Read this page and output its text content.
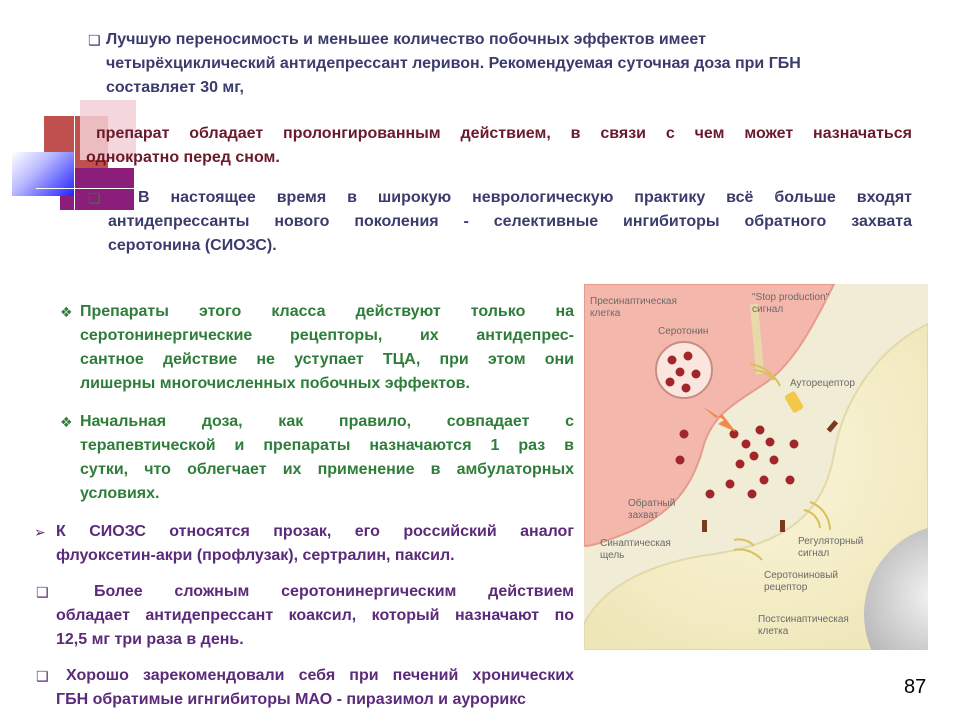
❑ Лучшую переносимость и меньшее количество побочных эффектов имеет
четырёхциклический антидепрессант леривон. Рекомендуемая суточная доза при ГБН
составляет 30 мг,
препарат обладает пролонгированным действием, в связи с чем может назначаться
однократно перед сном.
❑	В настоящее время в широкую неврологическую практику всё больше входят
антидепрессанты нового поколения - селективные ингибиторы обратного захвата
серотонина (СИОЗС).
❖ Препараты этого класса действуют только на
серотонинергические рецепторы, их антидепрес-
сантное действие не уступает ТЦА, при этом они
лишерны многочисленных побочных эффектов.
❖ Начальная доза, как правило, совпадает с
терапевтической и препараты назначаются 1 раз в
сутки, что облегчает их применение в амбулаторных
условиях.
➢ К СИОЗС относятся прозак, его российский аналог
флуоксетин-акри (профлузак), сертралин, паксил.
❑	Более сложным серотонинергическим действием
обладает антидепрессант коаксил, который назначают по
12,5 мг три раза в день.
❑	Хорошо зарекомендовали себя при печений хронических
ГБН обратимые игнгибиторы МАО - пиразимол и аурорикс
Пресинаптическая
клетка
"Stop production"
сигнал
Серотонин
Ауторецептор
Обратный
захват
Синаптическая
щель
Регуляторный
сигнал
Серотониновый
рецептор
Постсинаптическая
клетка
87
